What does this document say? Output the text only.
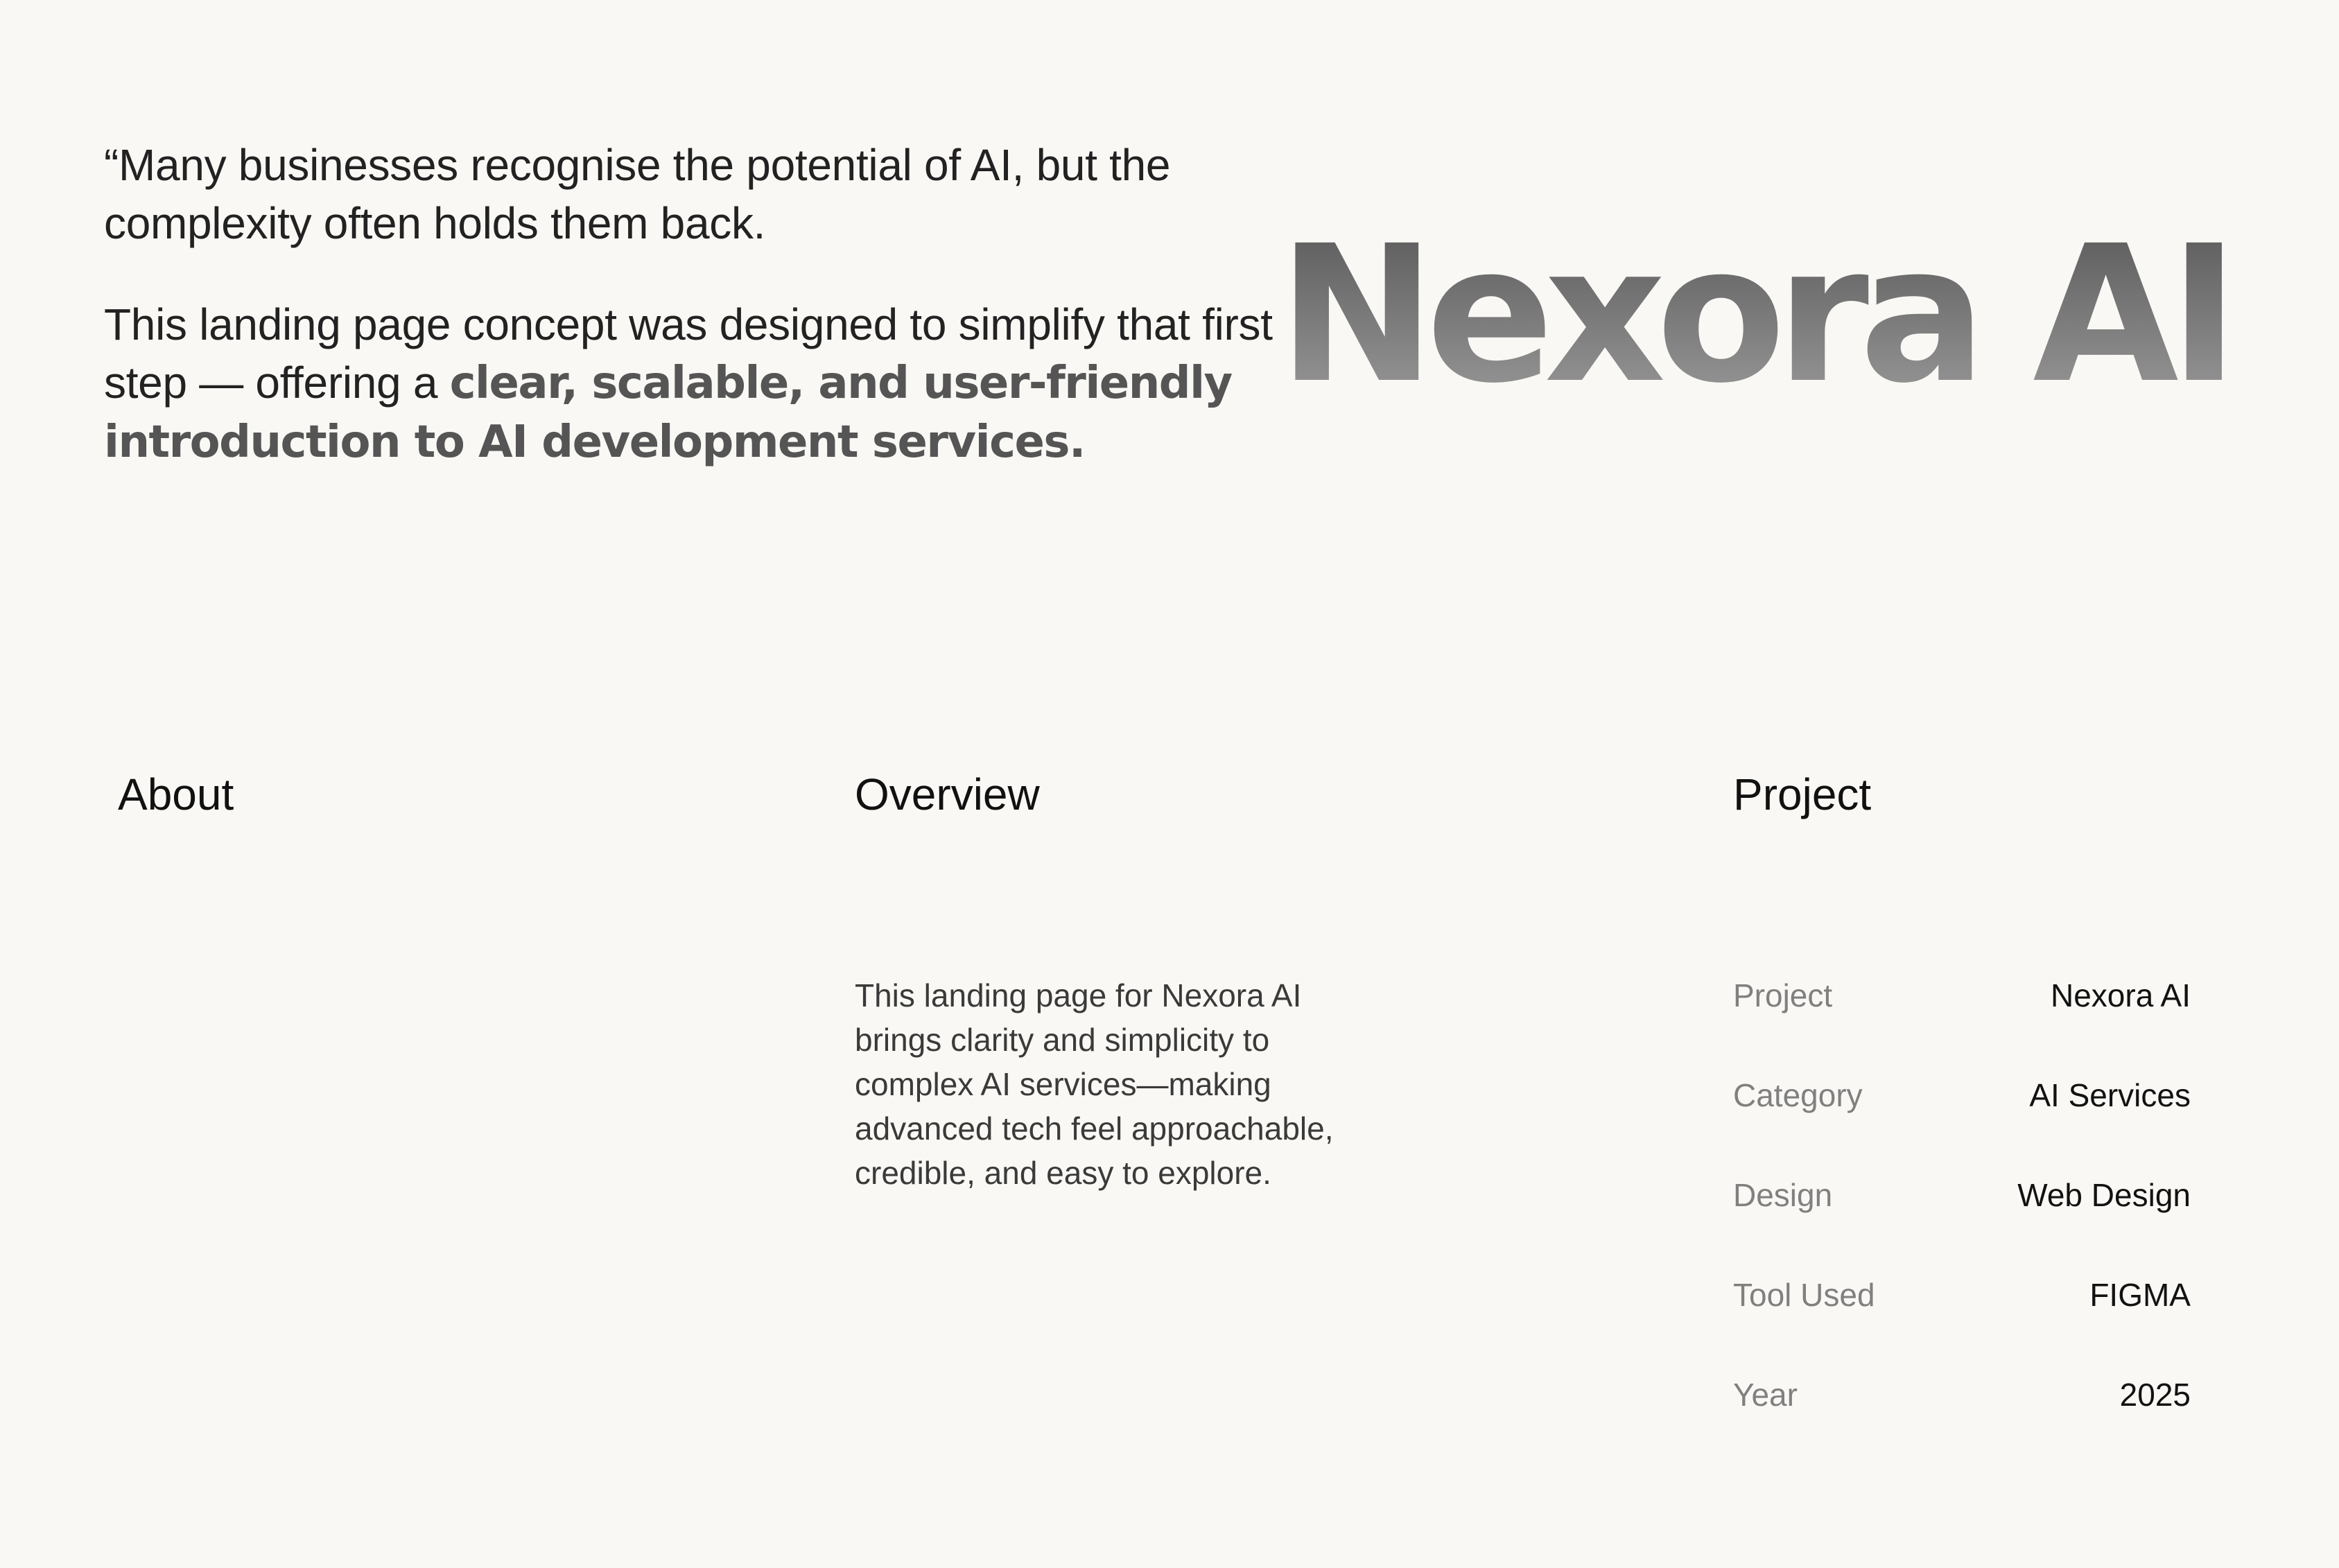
“Many businesses recognise the potential of AI, but the complexity often holds them back.

This landing page concept was designed to simplify that first step — offering a clear, scalable, and user-friendly introduction to AI development services.

Nexora AI
About	Overview	Project

This landing page for Nexora AI brings clarity and simplicity to complex AI services—making advanced tech feel approachable, credible, and easy to explore.

Project	Nexora AI
Category	AI Services
Design	Web Design
Tool Used	FIGMA
Year	2025
